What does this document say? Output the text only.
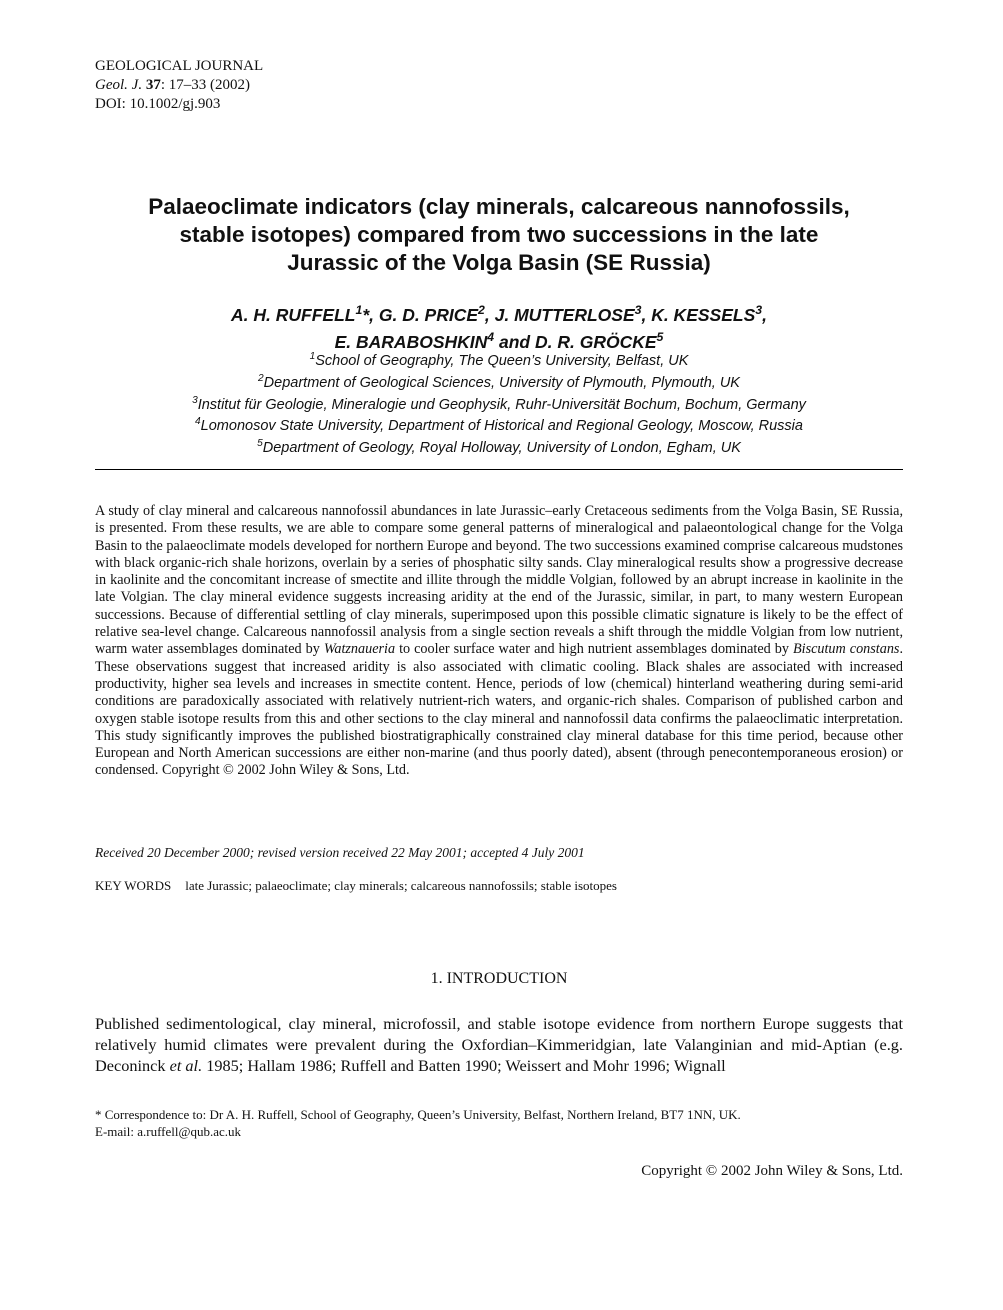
GEOLOGICAL JOURNAL
Geol. J. 37: 17–33 (2002)
DOI: 10.1002/gj.903
Palaeoclimate indicators (clay minerals, calcareous nannofossils,
stable isotopes) compared from two successions in the late
Jurassic of the Volga Basin (SE Russia)
A. H. RUFFELL$^1$*, G. D. PRICE$^2$, J. MUTTERLOSE$^3$, K. KESSELS$^3$,
E. BARABOSHKIN$^4$ and D. R. GRÖCKE$^5$
$^1$School of Geography, The Queen’s University, Belfast, UK
$^2$Department of Geological Sciences, University of Plymouth, Plymouth, UK
$^3$Institut für Geologie, Mineralogie und Geophysik, Ruhr-Universität Bochum, Bochum, Germany
$^4$Lomonosov State University, Department of Historical and Regional Geology, Moscow, Russia
$^5$Department of Geology, Royal Holloway, University of London, Egham, UK
A study of clay mineral and calcareous nannofossil abundances in late Jurassic–early Cretaceous sediments from the Volga Basin, SE Russia, is presented. From these results, we are able to compare some general patterns of mineralogical and palaeontological change for the Volga Basin to the palaeoclimate models developed for northern Europe and beyond. The two successions examined comprise calcareous mudstones with black organic-rich shale horizons, overlain by a series of phosphatic silty sands. Clay mineralogical results show a progressive decrease in kaolinite and the concomitant increase of smectite and illite through the middle Volgian, followed by an abrupt increase in kaolinite in the late Volgian. The clay mineral evidence suggests increasing aridity at the end of the Jurassic, similar, in part, to many western European successions. Because of differential settling of clay minerals, superimposed upon this possible climatic signature is likely to be the effect of relative sea-level change. Calcareous nannofossil analysis from a single section reveals a shift through the middle Volgian from low nutrient, warm water assemblages dominated by Watznaueria to cooler surface water and high nutrient assemblages dominated by Biscutum constans. These observations suggest that increased aridity is also associated with climatic cooling. Black shales are associated with increased productivity, higher sea levels and increases in smectite content. Hence, periods of low (chemical) hinterland weathering during semi-arid conditions are paradoxically associated with relatively nutrient-rich waters, and organic-rich shales. Comparison of published carbon and oxygen stable isotope results from this and other sections to the clay mineral and nannofossil data confirms the palaeoclimatic interpretation. This study significantly improves the published biostratigraphically constrained clay mineral database for this time period, because other European and North American successions are either non-marine (and thus poorly dated), absent (through penecontemporaneous erosion) or condensed. Copyright © 2002 John Wiley & Sons, Ltd.
Received 20 December 2000; revised version received 22 May 2001; accepted 4 July 2001
KEY WORDS late Jurassic; palaeoclimate; clay minerals; calcareous nannofossils; stable isotopes
1. INTRODUCTION
Published sedimentological, clay mineral, microfossil, and stable isotope evidence from northern Europe suggests that relatively humid climates were prevalent during the Oxfordian–Kimmeridgian, late Valanginian and mid-Aptian (e.g. Deconinck et al. 1985; Hallam 1986; Ruffell and Batten 1990; Weissert and Mohr 1996; Wignall
* Correspondence to: Dr A. H. Ruffell, School of Geography, Queen’s University, Belfast, Northern Ireland, BT7 1NN, UK.
E-mail: a.ruffell@qub.ac.uk
Copyright © 2002 John Wiley & Sons, Ltd.
